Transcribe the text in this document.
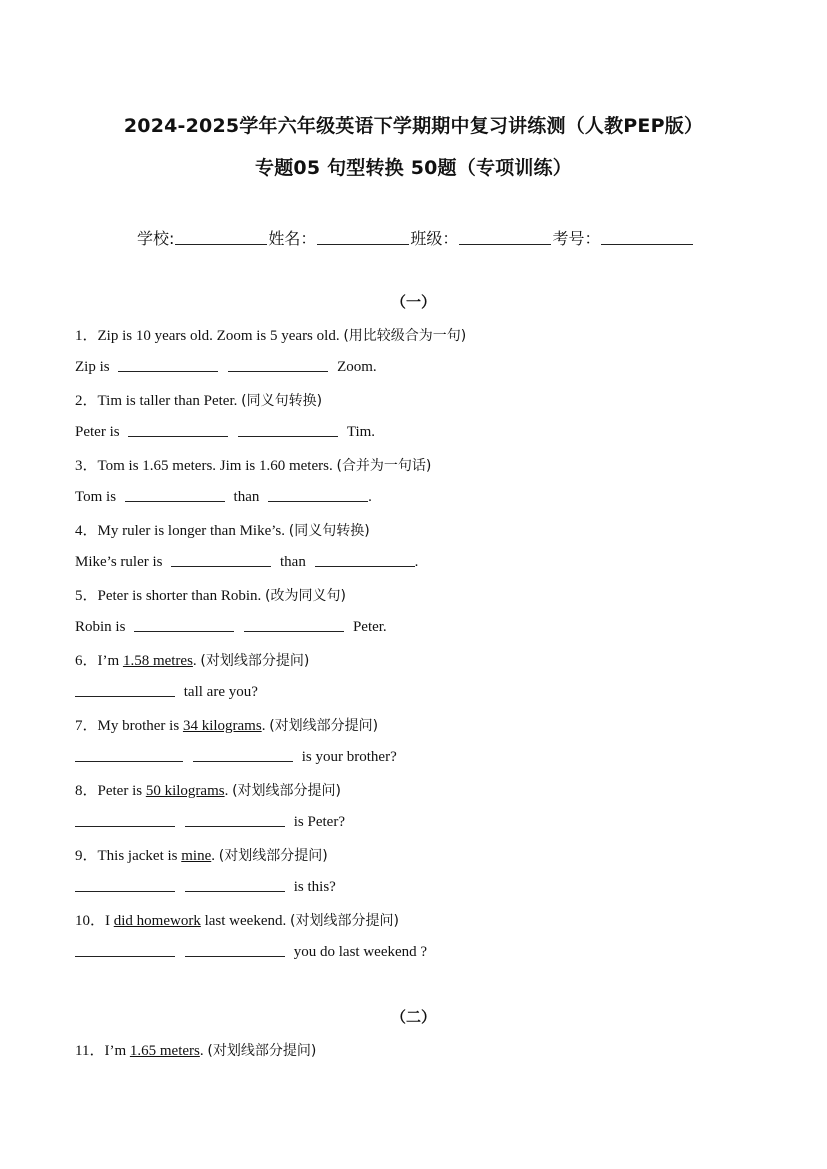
2024-2025学年六年级英语下学期期中复习讲练测（人教PEP版）
专题05 句型转换 50题（专项训练）
学校:	姓名：	班级：	考号：
（一）
1．Zip is 10 years old. Zoom is 5 years old. (用比较级合为一句)
Zip is	Zoom.
2．Tim is taller than Peter. (同义句转换)
Peter is	Tim.
3．Tom is 1.65 meters. Jim is 1.60 meters. (合并为一句话)
Tom is	than	.
4．My ruler is longer than Mike’s. (同义句转换)
Mike’s ruler is	than	.
5．Peter is shorter than Robin. (改为同义句)
Robin is	Peter.
6．I’m 1.58 metres. (对划线部分提问)
tall are you?
7．My brother is 34 kilograms. (对划线部分提问)
is your brother?
8．Peter is 50 kilograms. (对划线部分提问)
is Peter?
9．This jacket is mine. (对划线部分提问)
is this?
10．I did homework last weekend. (对划线部分提问)
you do last weekend ?
（二）
11．I’m 1.65 meters. (对划线部分提问)
